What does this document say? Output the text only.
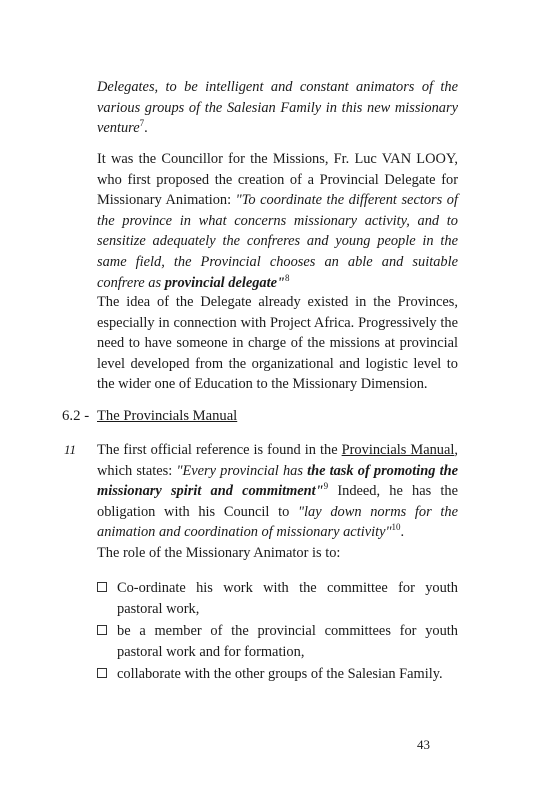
Delegates, to be intelligent and constant animators of the various groups of the Salesian Family in this new missionary venture$^7$.

It was the Councillor for the Missions, Fr. Luc VAN LOOY, who first proposed the creation of a Provincial Delegate for Missionary Animation: "To coordinate the different sectors of the province in what concerns missionary activity, and to sensitize adequately the confreres and young people in the same field, the Provincial chooses an able and suitable confrere as provincial delegate"$^8$

The idea of the Delegate already existed in the Provinces, especially in connection with Project Africa. Progressively the need to have someone in charge of the missions at provincial level developed from the organizational and logistic level to the wider one of Education to the Missionary Dimension.

6.2 - The Provincials Manual
11 The first official reference is found in the Provincials Manual, which states: "Every provincial has the task of promoting the missionary spirit and commitment"$^9$ Indeed, he has the obligation with his Council to "lay down norms for the animation and coordination of missionary activity"$^{10}$.

The role of the Missionary Animator is to:

Co-ordinate his work with the committee for youth pastoral work,
be a member of the provincial committees for youth pastoral work and for formation,
collaborate with the other groups of the Salesian Family.
43
